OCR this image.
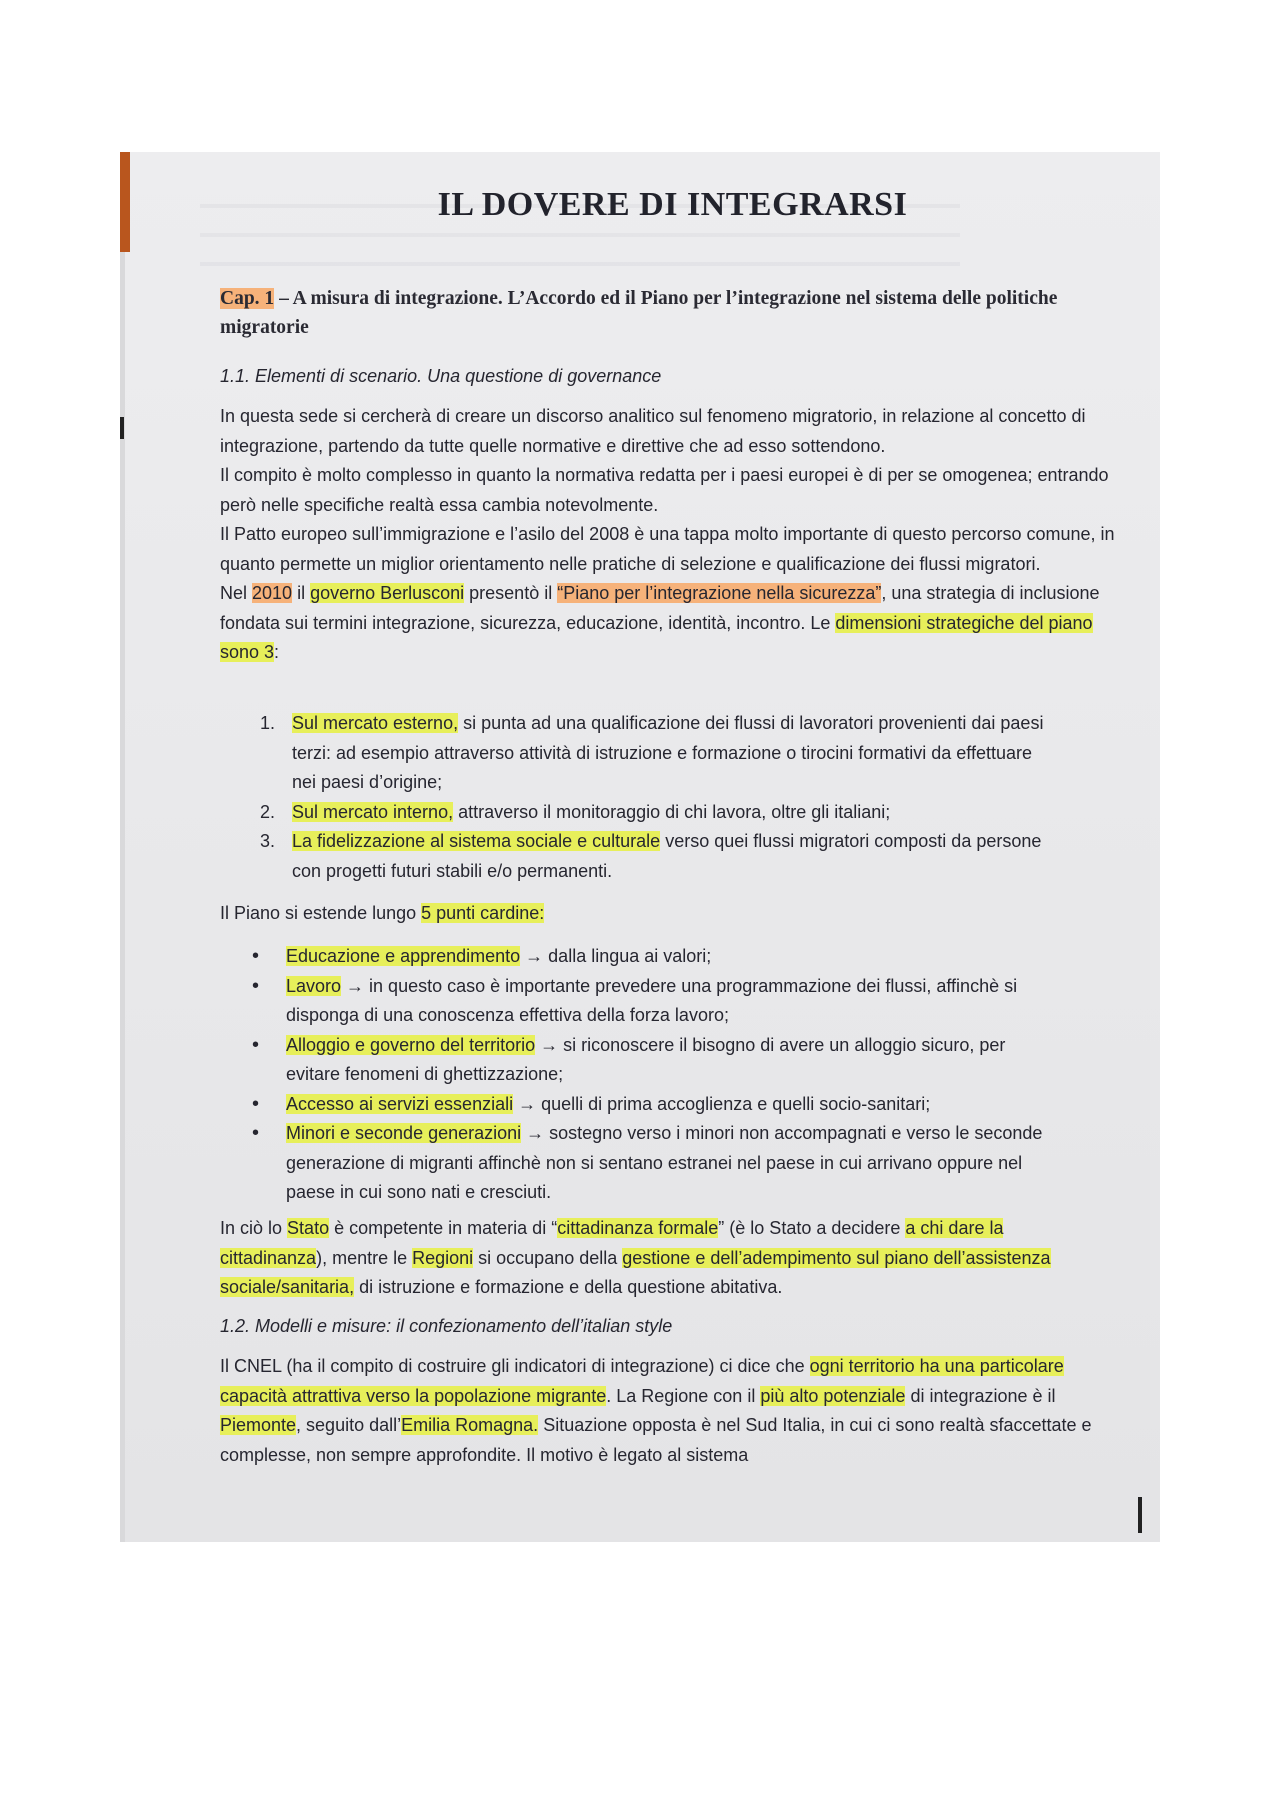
IL DOVERE DI INTEGRARSI

Cap. 1 – A misura di integrazione. L’Accordo ed il Piano per l’integrazione nel sistema delle politiche migratorie

1.1. Elementi di scenario. Una questione di governance

In questa sede si cercherà di creare un discorso analitico sul fenomeno migratorio, in relazione al concetto di integrazione, partendo da tutte quelle normative e direttive che ad esso sottendono.
Il compito è molto complesso in quanto la normativa redatta per i paesi europei è di per se omogenea; entrando però nelle specifiche realtà essa cambia notevolmente.
Il Patto europeo sull’immigrazione e l’asilo del 2008 è una tappa molto importante di questo percorso comune, in quanto permette un miglior orientamento nelle pratiche di selezione e qualificazione dei flussi migratori.
Nel 2010 il governo Berlusconi presentò il “Piano per l’integrazione nella sicurezza”, una strategia di inclusione fondata sui termini integrazione, sicurezza, educazione, identità, incontro. Le dimensioni strategiche del piano sono 3:

1. Sul mercato esterno, si punta ad una qualificazione dei flussi di lavoratori provenienti dai paesi terzi: ad esempio attraverso attività di istruzione e formazione o tirocini formativi da effettuare nei paesi d’origine;
2. Sul mercato interno, attraverso il monitoraggio di chi lavora, oltre gli italiani;
3. La fidelizzazione al sistema sociale e culturale verso quei flussi migratori composti da persone con progetti futuri stabili e/o permanenti.

Il Piano si estende lungo 5 punti cardine:

• Educazione e apprendimento → dalla lingua ai valori;
• Lavoro → in questo caso è importante prevedere una programmazione dei flussi, affinchè si disponga di una conoscenza effettiva della forza lavoro;
• Alloggio e governo del territorio → si riconoscere il bisogno di avere un alloggio sicuro, per evitare fenomeni di ghettizzazione;
• Accesso ai servizi essenziali → quelli di prima accoglienza e quelli socio-sanitari;
• Minori e seconde generazioni → sostegno verso i minori non accompagnati e verso le seconde generazione di migranti affinchè non si sentano estranei nel paese in cui arrivano oppure nel paese in cui sono nati e cresciuti.

In ciò lo Stato è competente in materia di “cittadinanza formale” (è lo Stato a decidere a chi dare la cittadinanza), mentre le Regioni si occupano della gestione e dell’adempimento sul piano dell’assistenza sociale/sanitaria, di istruzione e formazione e della questione abitativa.

1.2. Modelli e misure: il confezionamento dell’italian style

Il CNEL (ha il compito di costruire gli indicatori di integrazione) ci dice che ogni territorio ha una particolare capacità attrattiva verso la popolazione migrante. La Regione con il più alto potenziale di integrazione è il Piemonte, seguito dall’Emilia Romagna. Situazione opposta è nel Sud Italia, in cui ci sono realtà sfaccettate e complesse, non sempre approfondite. Il motivo è legato al sistema
